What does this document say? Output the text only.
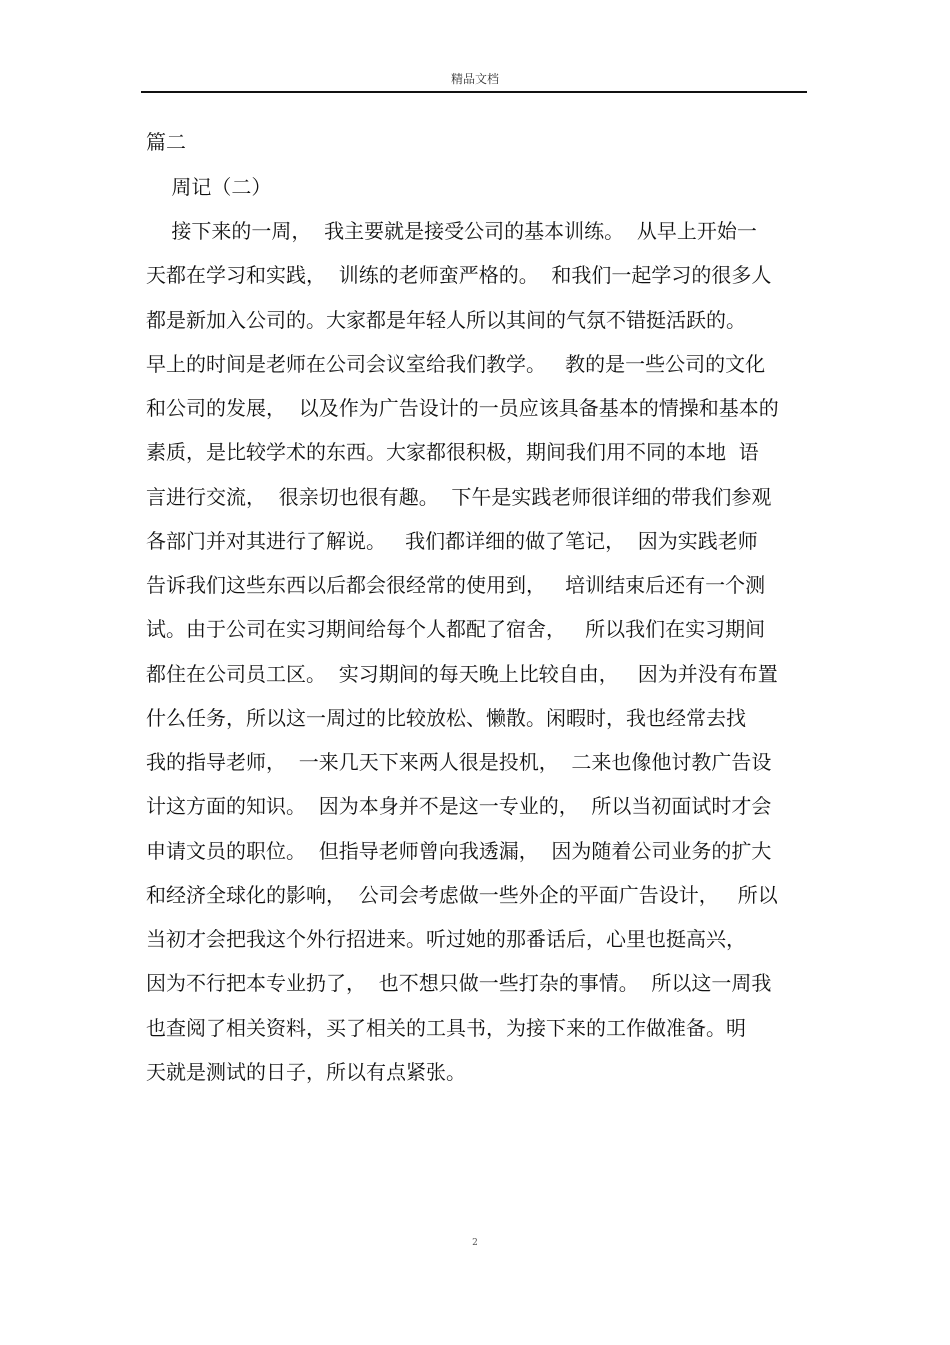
精品文档
篇二
周记（二）
接下来的一周，  我主要就是接受公司的基本训练。  从早上开始一
天都在学习和实践，  训练的老师蛮严格的。  和我们一起学习的很多人
都是新加入公司的。大家都是年轻人所以其间的气氛不错挺活跃的。
早上的时间是老师在公司会议室给我们教学。   教的是一些公司的文化
和公司的发展，  以及作为广告设计的一员应该具备基本的情操和基本的
素质，是比较学术的东西。大家都很积极，期间我们用不同的本地  语
言进行交流，  很亲切也很有趣。  下午是实践老师很详细的带我们参观
各部门并对其进行了解说。   我们都详细的做了笔记，  因为实践老师
告诉我们这些东西以后都会很经常的使用到，   培训结束后还有一个测
试。由于公司在实习期间给每个人都配了宿舍，   所以我们在实习期间
都住在公司员工区。  实习期间的每天晚上比较自由，   因为并没有布置
什么任务，所以这一周过的比较放松、懒散。闲暇时，我也经常去找
我的指导老师，  一来几天下来两人很是投机，  二来也像他讨教广告设
计这方面的知识。  因为本身并不是这一专业的，  所以当初面试时才会
申请文员的职位。  但指导老师曾向我透漏，  因为随着公司业务的扩大
和经济全球化的影响，  公司会考虑做一些外企的平面广告设计，   所以
当初才会把我这个外行招进来。听过她的那番话后，心里也挺高兴，
因为不行把本专业扔了，  也不想只做一些打杂的事情。  所以这一周我
也查阅了相关资料，买了相关的工具书，为接下来的工作做准备。明
天就是测试的日子，所以有点紧张。
2
